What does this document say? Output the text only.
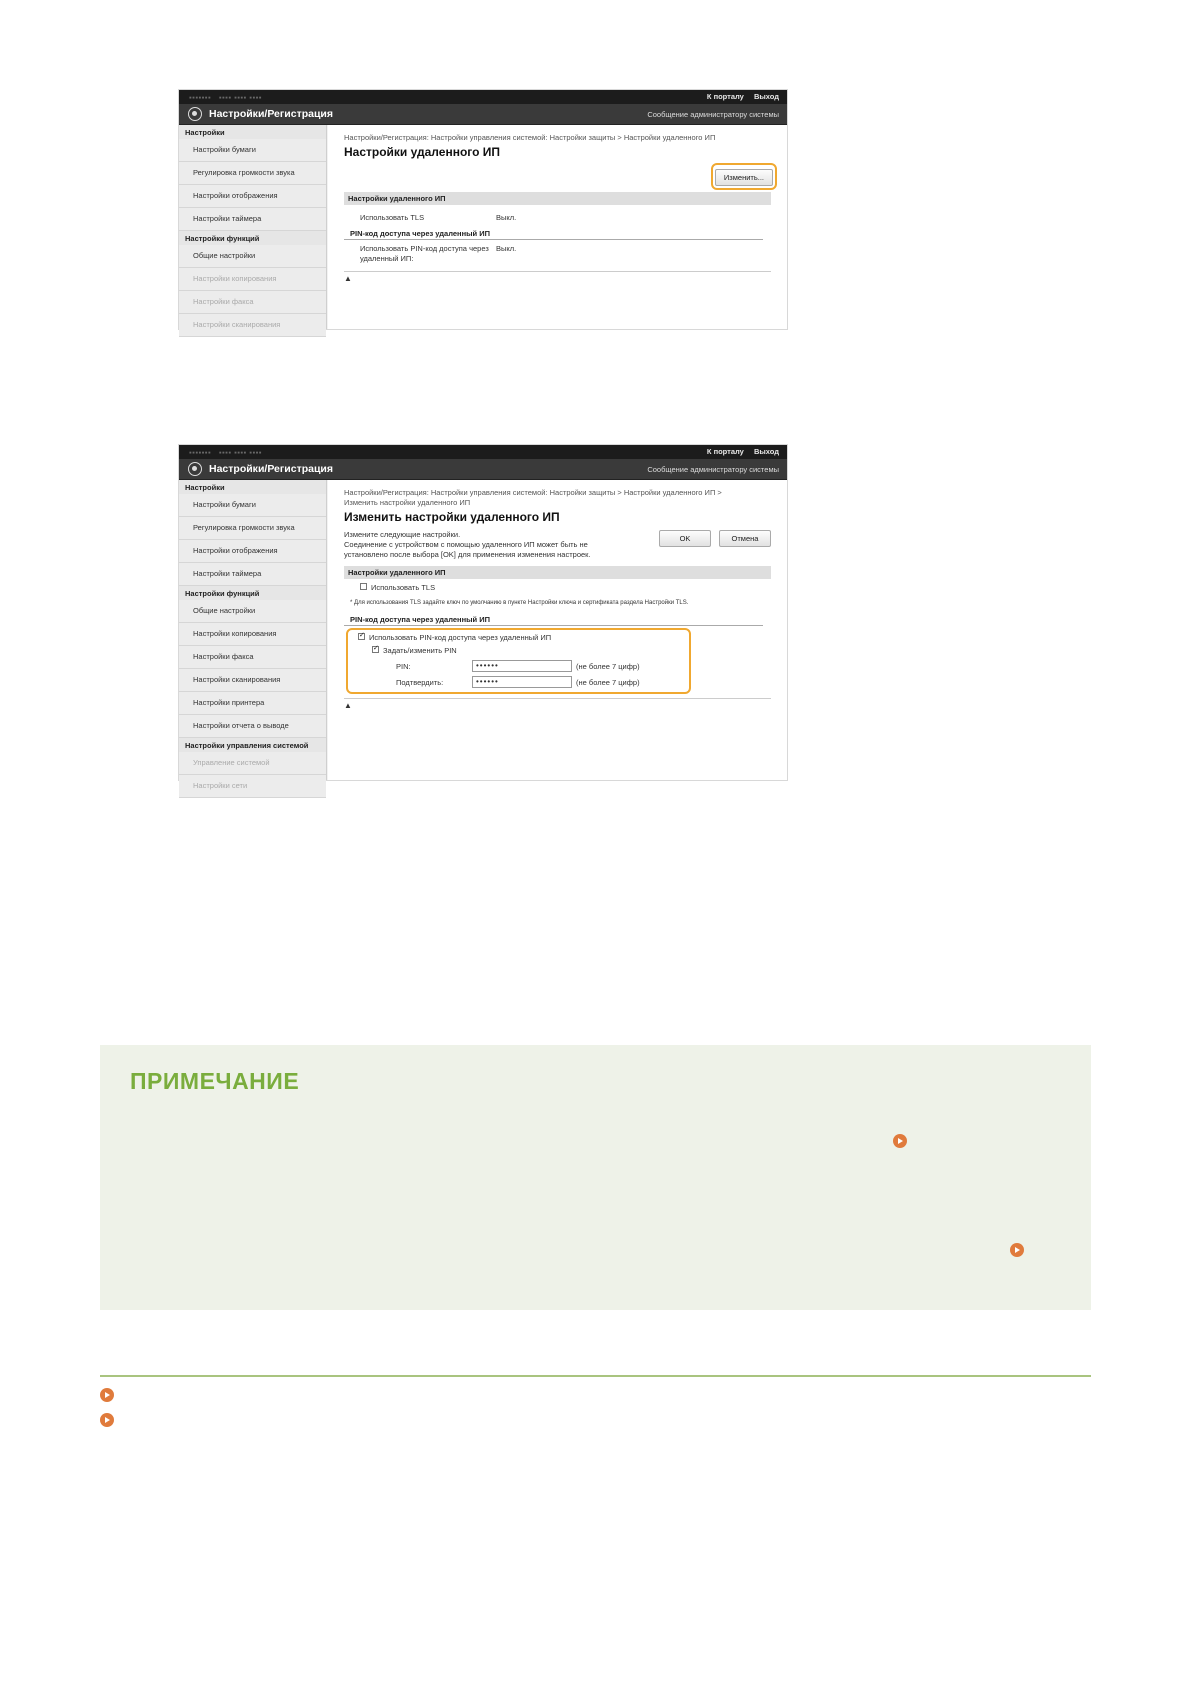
▪▪▪▪▪▪▪   ▪▪▪▪ ▪▪▪▪ ▪▪▪▪	К порталу Выход
Настройки/Регистрация	Сообщение администратору системы
Настройки
Настройки бумаги
Регулировка громкости звука
Настройки отображения
Настройки таймера
Настройки функций
Общие настройки
Настройки копирования
Настройки факса
Настройки сканирования
Настройки/Регистрация: Настройки управления системой: Настройки защиты > Настройки удаленного ИП
Настройки удаленного ИП
Изменить...
Настройки удаленного ИП
Использовать TLS	Выкл.
PIN-код доступа через удаленный ИП
Использовать PIN-код доступа через удаленный ИП:
Выкл.
▲
▪▪▪▪▪▪▪   ▪▪▪▪ ▪▪▪▪ ▪▪▪▪	К порталу Выход
Настройки/Регистрация	Сообщение администратору системы
Настройки
Настройки бумаги
Регулировка громкости звука
Настройки отображения
Настройки таймера
Настройки функций
Общие настройки
Настройки копирования
Настройки факса
Настройки сканирования
Настройки принтера
Настройки отчета о выводе
Настройки управления системой
Управление системой
Настройки сети
Настройки/Регистрация: Настройки управления системой: Настройки защиты > Настройки удаленного ИП >
Изменить настройки удаленного ИП
Изменить настройки удаленного ИП
Измените следующие настройки.
Соединение с устройством с помощью удаленного ИП может быть не
установлено после выбора [OK] для применения изменения настроек.
OK	Отмена
Настройки удаленного ИП
Использовать TLS
* Для использования TLS задайте ключ по умолчанию в пункте Настройки ключа и сертификата раздела Настройки TLS.
PIN-код доступа через удаленный ИП
✓
Использовать PIN-код доступа через удаленный ИП
✓
Задать/изменить PIN
PIN:	••••••	(не более 7 цифр)
Подтвердить:	••••••	(не более 7 цифр)
▲
ПРИМЕЧАНИЕ
